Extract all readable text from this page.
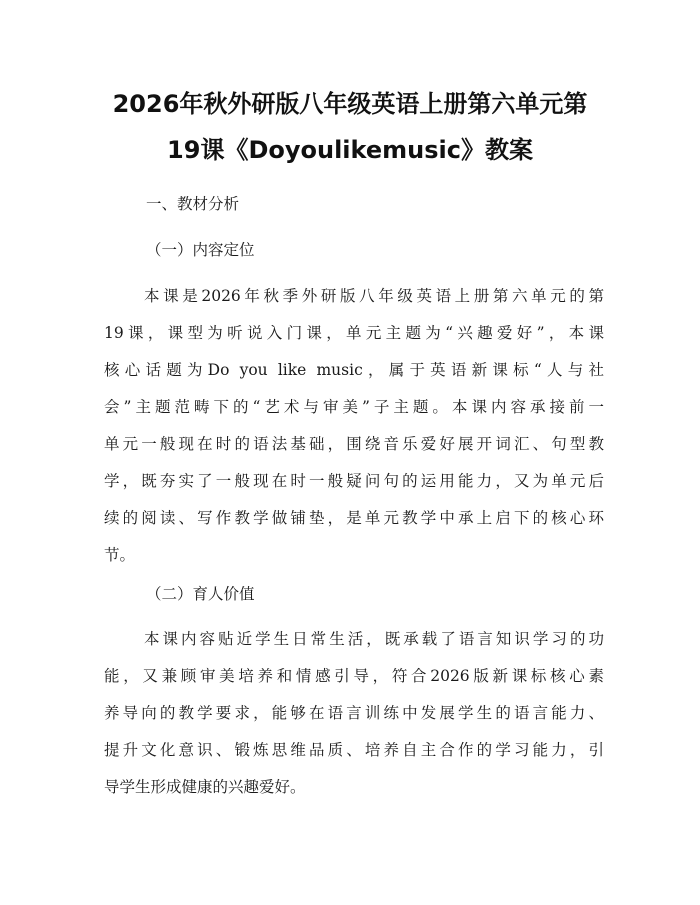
2026年秋外研版八年级英语上册第六单元第
19课《Doyoulikemusic》教案

一、教材分析

（一）内容定位

本课是2026年秋季外研版八年级英语上册第六单元的第
19课，课型为听说入门课，单元主题为“兴趣爱好”，本课
核心话题为Do you like music，属于英语新课标“人与社
会”主题范畴下的“艺术与审美”子主题。本课内容承接前一
单元一般现在时的语法基础，围绕音乐爱好展开词汇、句型教
学，既夯实了一般现在时一般疑问句的运用能力，又为单元后
续的阅读、写作教学做铺垫，是单元教学中承上启下的核心环
节。

（二）育人价值

本课内容贴近学生日常生活，既承载了语言知识学习的功
能，又兼顾审美培养和情感引导，符合2026版新课标核心素
养导向的教学要求，能够在语言训练中发展学生的语言能力、
提升文化意识、锻炼思维品质、培养自主合作的学习能力，引
导学生形成健康的兴趣爱好。
